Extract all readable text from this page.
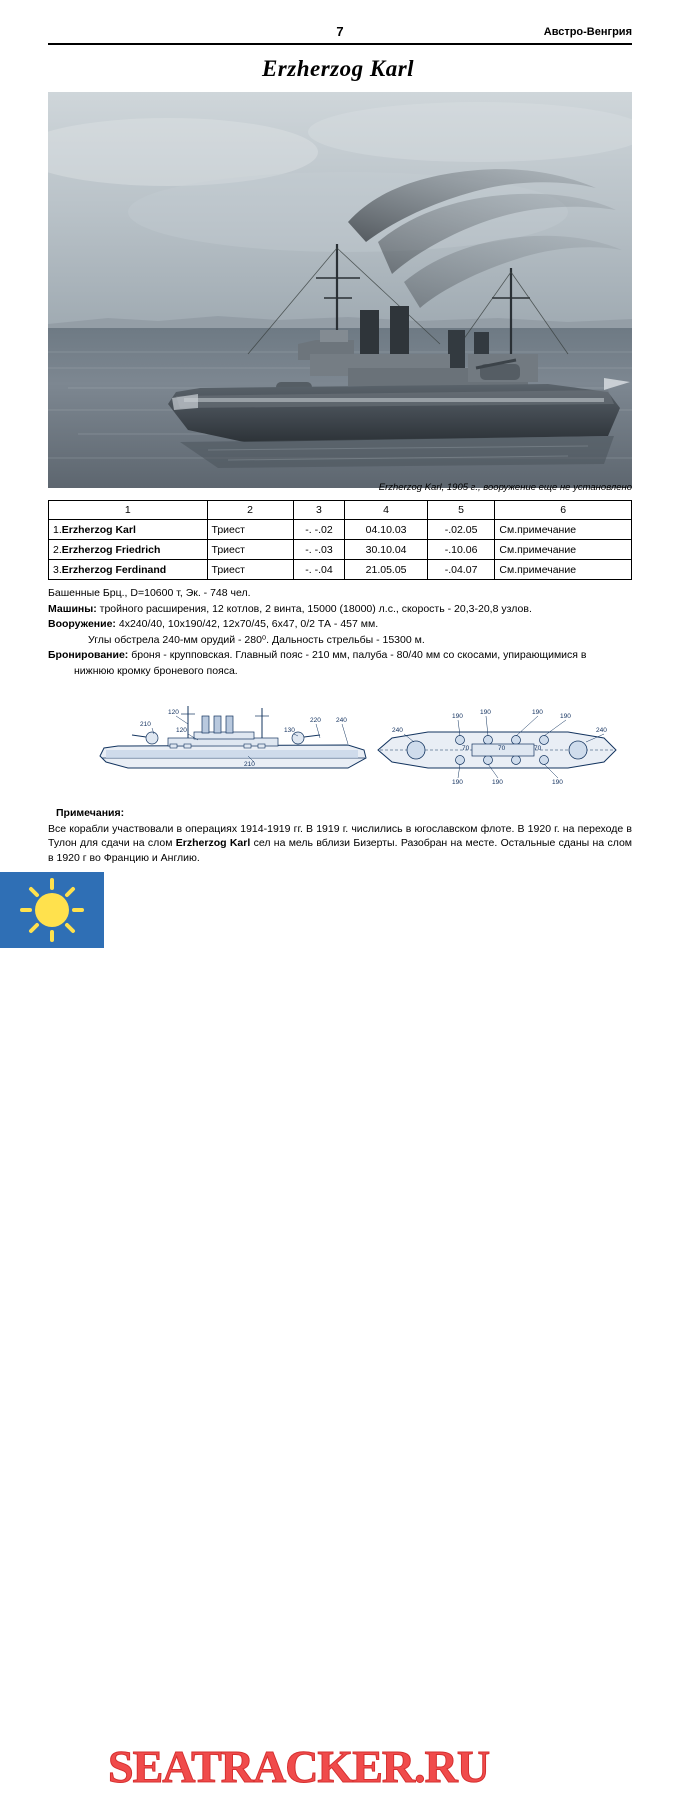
7	Австро-Венгрия
Erzherzog Karl
Erzherzog Karl, 1905 г., вооружение еще не установлено
1	2	3	4	5	6
1.Erzherzog Karl	Триест	-. -.02	04.10.03	-.02.05	См.примечание
2.Erzherzog Friedrich	Триест	-. -.03	30.10.04	-.10.06	См.примечание
3.Erzherzog Ferdinand	Триест	-. -.04	21.05.05	-.04.07	См.примечание
Башенные Брц., D=10600 т, Эк. - 748 чел.
Машины: тройного расширения, 12 котлов, 2 винта, 15000 (18000) л.с., скорость - 20,3-20,8 узлов.
Вооружение: 4х240/40, 10х190/42, 12х70/45, 6х47, 0/2 ТА - 457 мм.
Углы обстрела 240-мм орудий - 280⁰. Дальность стрельбы - 15300 м.
Бронирование: броня - крупповская. Главный пояс - 210 мм, палуба - 80/40 мм со скосами, упирающимися в
нижнюю кромку броневого пояса.
120
210
120	130
220 240
210
190
190	190
190
240	240
70	70	70
190	190	190
Примечания:
Все корабли участвовали в операциях 1914-1919 гг. В 1919 г. числились в югославском флоте. В 1920 г. на переходе в Тулон для сдачи на слом Erzherzog Karl сел на мель вблизи Бизерты. Разобран на месте. Остальные сданы на слом в 1920 г во Францию и Англию.
SEATRACKER.RU
